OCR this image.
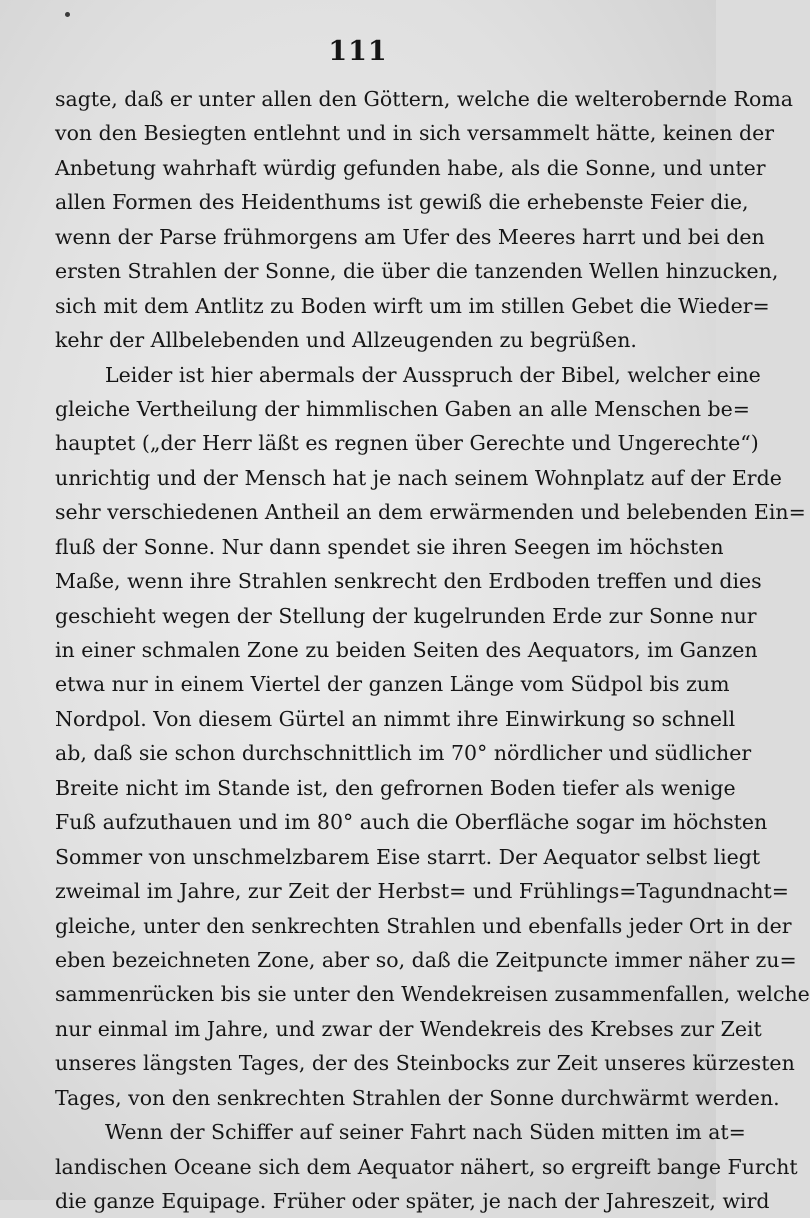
111
sagte, daß er unter allen den Göttern, welche die welterobernde Roma
von den Besiegten entlehnt und in sich versammelt hätte, keinen der
Anbetung wahrhaft würdig gefunden habe, als die Sonne, und unter
allen Formen des Heidenthums ist gewiß die erhebenste Feier die,
wenn der Parse frühmorgens am Ufer des Meeres harrt und bei den
ersten Strahlen der Sonne, die über die tanzenden Wellen hinzucken,
sich mit dem Antlitz zu Boden wirft um im stillen Gebet die Wieder=
kehr der Allbelebenden und Allzeugenden zu begrüßen.
Leider ist hier abermals der Ausspruch der Bibel, welcher eine
gleiche Vertheilung der himmlischen Gaben an alle Menschen be=
hauptet („der Herr läßt es regnen über Gerechte und Ungerechte“)
unrichtig und der Mensch hat je nach seinem Wohnplatz auf der Erde
sehr verschiedenen Antheil an dem erwärmenden und belebenden Ein=
fluß der Sonne. Nur dann spendet sie ihren Seegen im höchsten
Maße, wenn ihre Strahlen senkrecht den Erdboden treffen und dies
geschieht wegen der Stellung der kugelrunden Erde zur Sonne nur
in einer schmalen Zone zu beiden Seiten des Aequators, im Ganzen
etwa nur in einem Viertel der ganzen Länge vom Südpol bis zum
Nordpol. Von diesem Gürtel an nimmt ihre Einwirkung so schnell
ab, daß sie schon durchschnittlich im 70° nördlicher und südlicher
Breite nicht im Stande ist, den gefrornen Boden tiefer als wenige
Fuß aufzuthauen und im 80° auch die Oberfläche sogar im höchsten
Sommer von unschmelzbarem Eise starrt. Der Aequator selbst liegt
zweimal im Jahre, zur Zeit der Herbst= und Frühlings=Tagundnacht=
gleiche, unter den senkrechten Strahlen und ebenfalls jeder Ort in der
eben bezeichneten Zone, aber so, daß die Zeitpuncte immer näher zu=
sammenrücken bis sie unter den Wendekreisen zusammenfallen, welche
nur einmal im Jahre, und zwar der Wendekreis des Krebses zur Zeit
unseres längsten Tages, der des Steinbocks zur Zeit unseres kürzesten
Tages, von den senkrechten Strahlen der Sonne durchwärmt werden.
Wenn der Schiffer auf seiner Fahrt nach Süden mitten im at=
landischen Oceane sich dem Aequator nähert, so ergreift bange Furcht
die ganze Equipage. Früher oder später, je nach der Jahreszeit, wird
